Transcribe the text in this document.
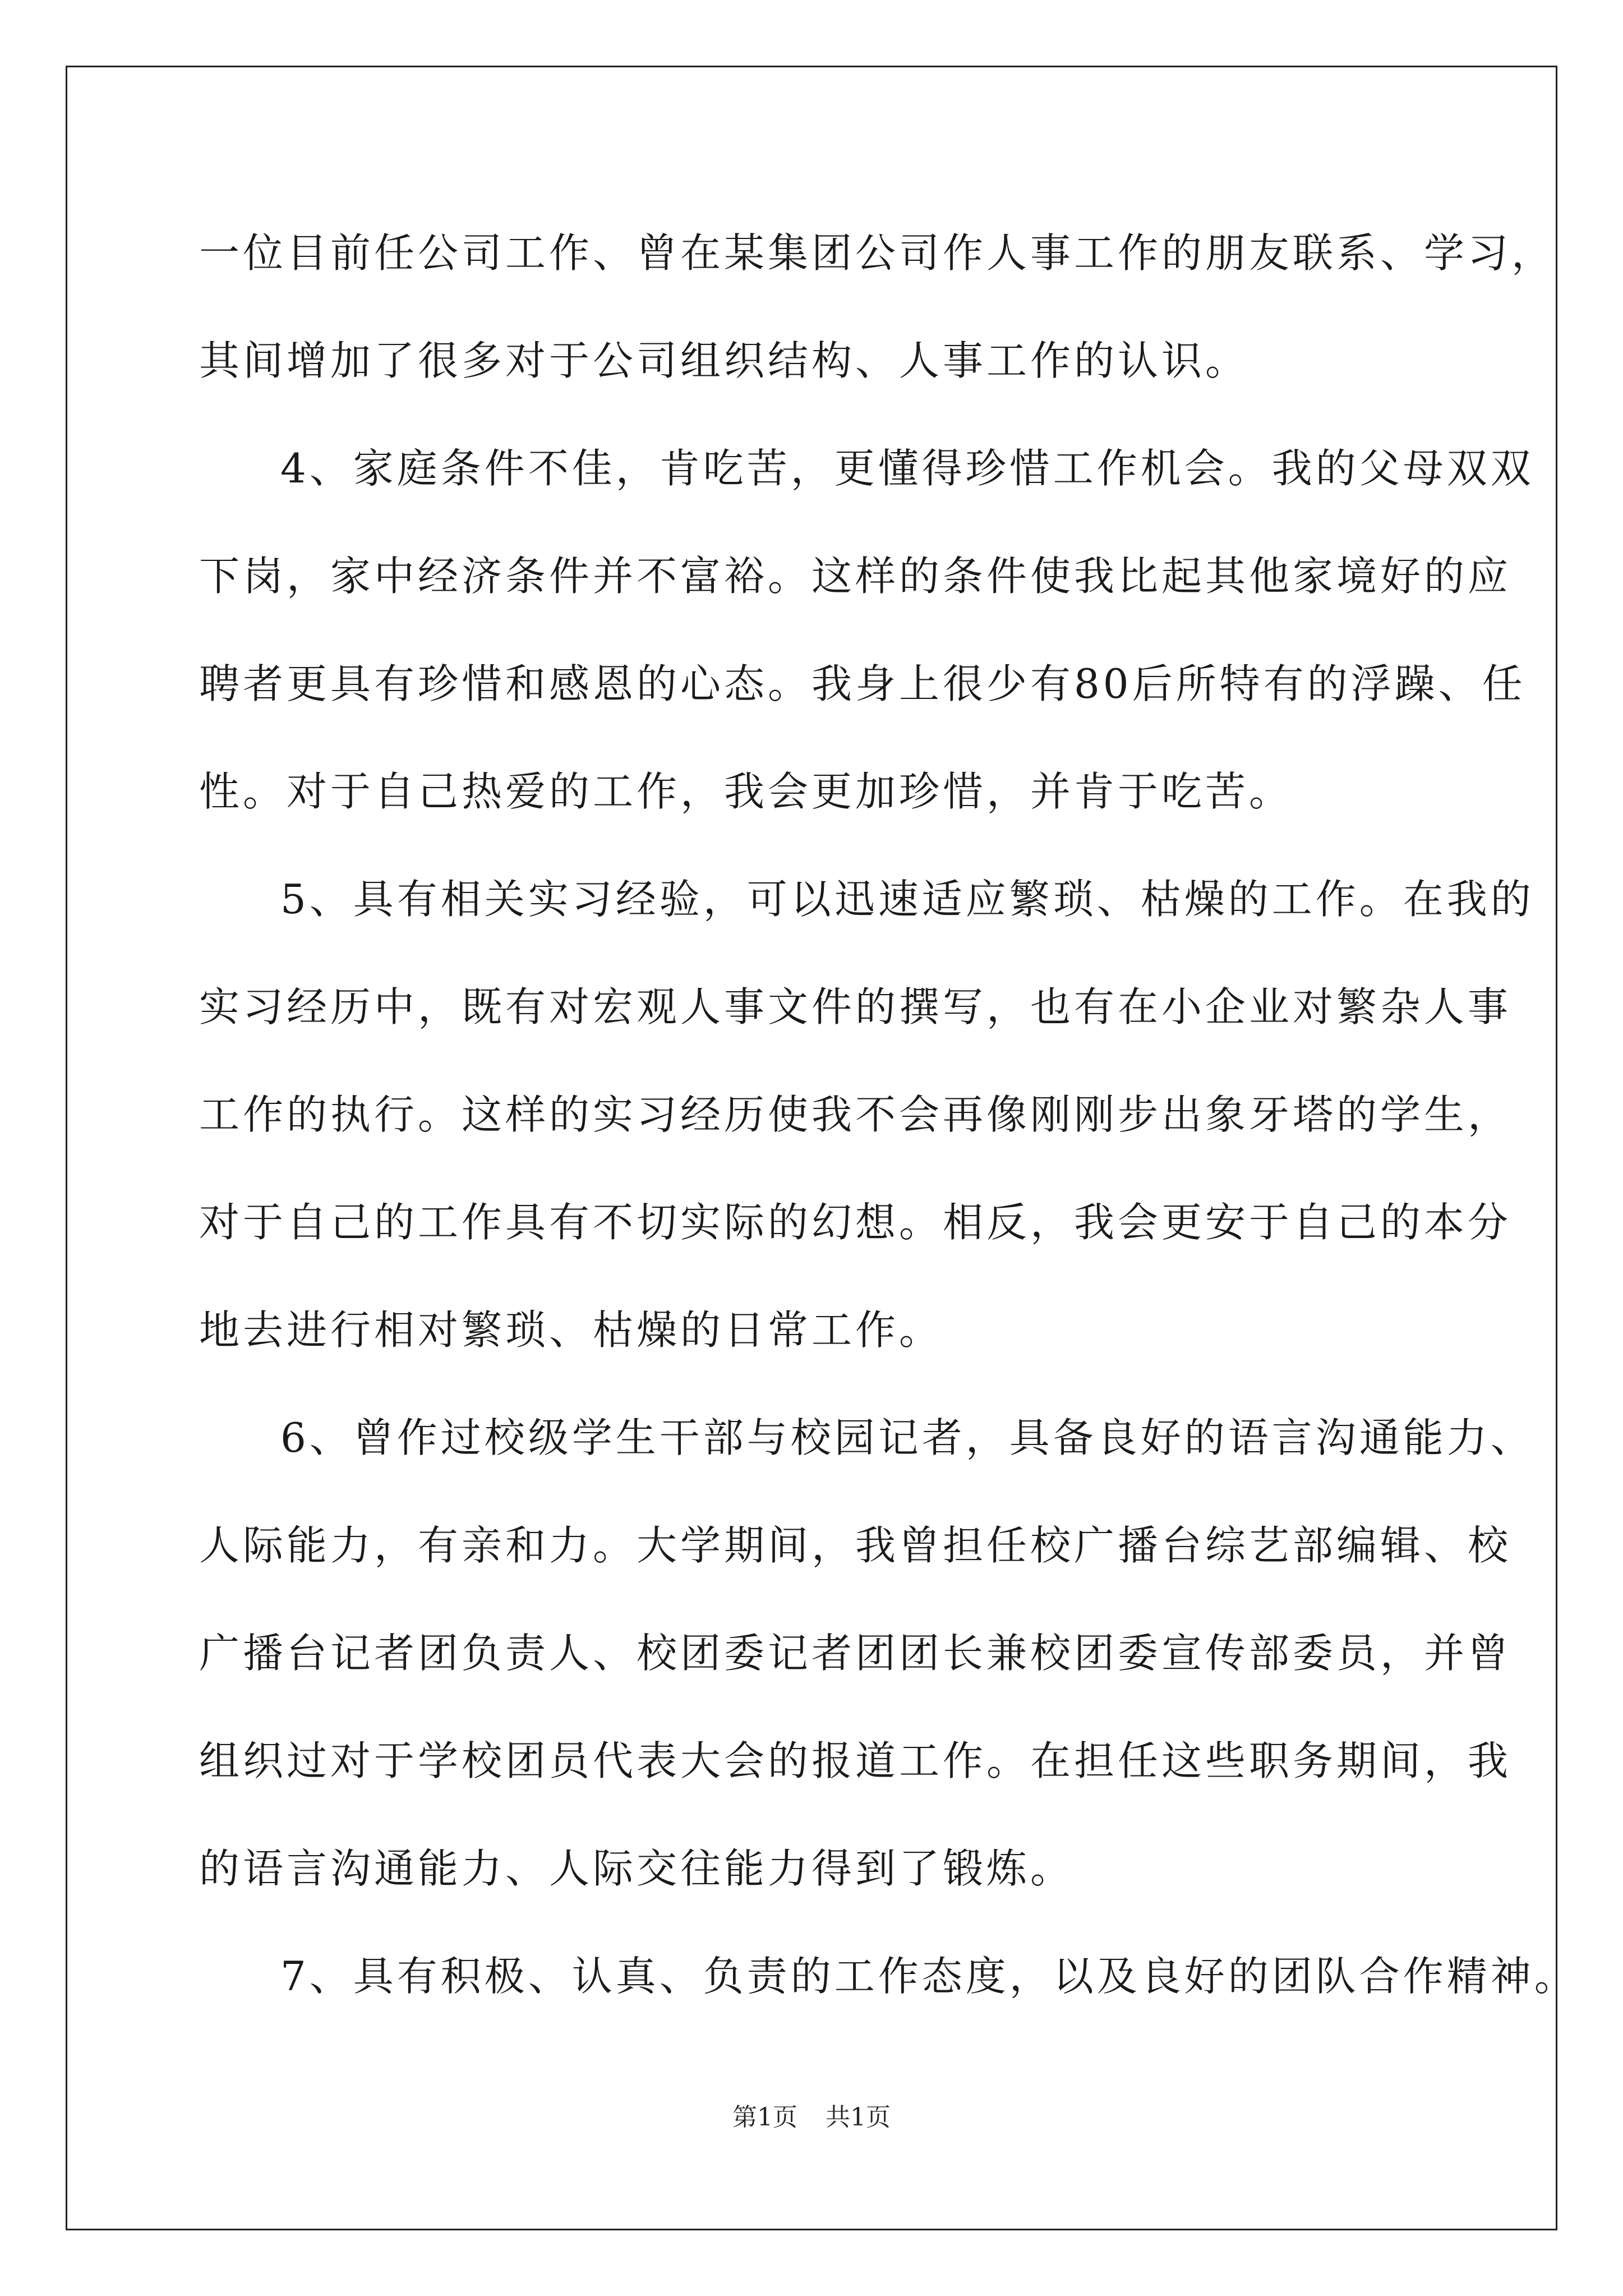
一位目前任公司工作、曾在某集团公司作人事工作的朋友联系、学习，
其间增加了很多对于公司组织结构、人事工作的认识。
4、家庭条件不佳，肯吃苦，更懂得珍惜工作机会。我的父母双双
下岗，家中经济条件并不富裕。这样的条件使我比起其他家境好的应
聘者更具有珍惜和感恩的心态。我身上很少有80后所特有的浮躁、任
性。对于自己热爱的工作，我会更加珍惜，并肯于吃苦。
5、具有相关实习经验，可以迅速适应繁琐、枯燥的工作。在我的
实习经历中，既有对宏观人事文件的撰写，也有在小企业对繁杂人事
工作的执行。这样的实习经历使我不会再像刚刚步出象牙塔的学生，
对于自己的工作具有不切实际的幻想。相反，我会更安于自己的本分
地去进行相对繁琐、枯燥的日常工作。
6、曾作过校级学生干部与校园记者，具备良好的语言沟通能力、
人际能力，有亲和力。大学期间，我曾担任校广播台综艺部编辑、校
广播台记者团负责人、校团委记者团团长兼校团委宣传部委员，并曾
组织过对于学校团员代表大会的报道工作。在担任这些职务期间，我
的语言沟通能力、人际交往能力得到了锻炼。
7、具有积极、认真、负责的工作态度，以及良好的团队合作精神。
第1页 共1页
